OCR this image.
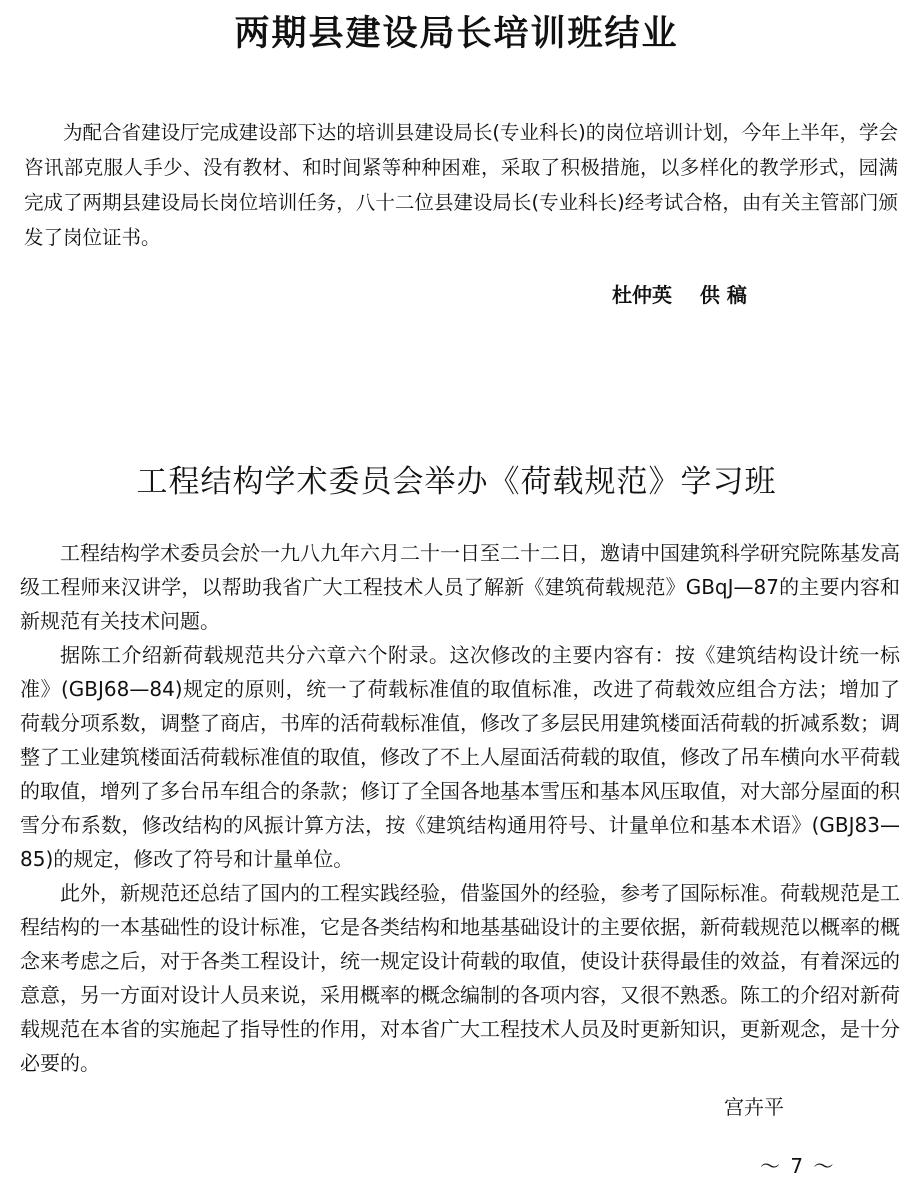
两期县建设局长培训班结业

为配合省建设厅完成建设部下达的培训县建设局长(专业科长)的岗位培训计划，今年上半年，学会咨讯部克服人手少、没有教材、和时间紧等种种困难，采取了积极措施，以多样化的教学形式，园满完成了两期县建设局长岗位培训任务，八十二位县建设局长(专业科长)经考试合格，由有关主管部门颁发了岗位证书。

杜仲英    供 稿
工程结构学术委员会举办《荷载规范》学习班

工程结构学术委员会於一九八九年六月二十一日至二十二日，邀请中国建筑科学研究院陈基发高级工程师来汉讲学，以帮助我省广大工程技术人员了解新《建筑荷载规范》GBqJ—87的主要内容和新规范有关技术问题。

据陈工介绍新荷载规范共分六章六个附录。这次修改的主要内容有：按《建筑结构设计统一标准》(GBJ68—84)规定的原则，统一了荷载标准值的取值标准，改进了荷载效应组合方法；增加了荷载分项系数，调整了商店，书库的活荷载标准值，修改了多层民用建筑楼面活荷载的折减系数；调整了工业建筑楼面活荷载标准值的取值，修改了不上人屋面活荷载的取值，修改了吊车横向水平荷载的取值，增列了多台吊车组合的条款；修订了全国各地基本雪压和基本风压取值，对大部分屋面的积雪分布系数，修改结构的风振计算方法，按《建筑结构通用符号、计量单位和基本术语》(GBJ83—85)的规定，修改了符号和计量单位。

此外，新规范还总结了国内的工程实践经验，借鉴国外的经验，参考了国际标准。荷载规范是工程结构的一本基础性的设计标准，它是各类结构和地基基础设计的主要依据，新荷载规范以概率的概念来考虑之后，对于各类工程设计，统一规定设计荷载的取值，使设计获得最佳的效益，有着深远的意意，另一方面对设计人员来说，采用概率的概念编制的各项内容，又很不熟悉。陈工的介绍对新荷载规范在本省的实施起了指导性的作用，对本省广大工程技术人员及时更新知识，更新观念，是十分必要的。

宫卉平
～ 7 ～
